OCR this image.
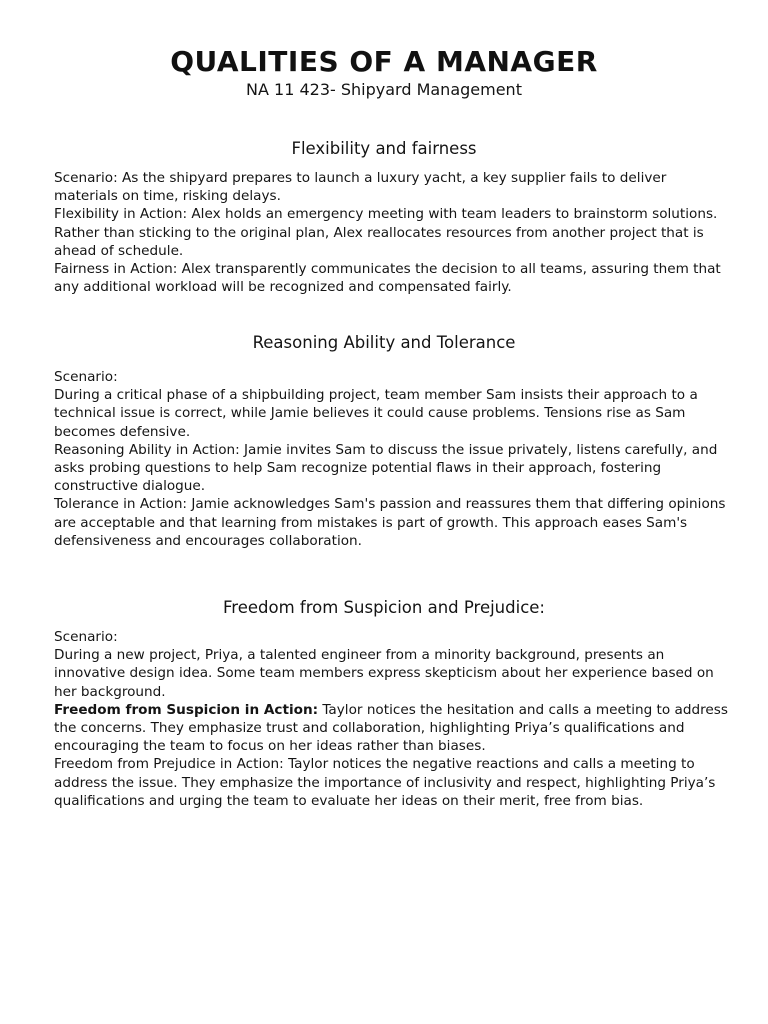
QUALITIES OF A MANAGER
NA 11 423- Shipyard Management
Flexibility and fairness

Scenario: As the shipyard prepares to launch a luxury yacht, a key supplier fails to deliver materials on time, risking delays.

Flexibility in Action: Alex holds an emergency meeting with team leaders to brainstorm solutions. Rather than sticking to the original plan, Alex reallocates resources from another project that is ahead of schedule.

Fairness in Action: Alex transparently communicates the decision to all teams, assuring them that any additional workload will be recognized and compensated fairly.

Reasoning Ability and Tolerance

Scenario:

During a critical phase of a shipbuilding project, team member Sam insists their approach to a technical issue is correct, while Jamie believes it could cause problems. Tensions rise as Sam becomes defensive.

Reasoning Ability in Action: Jamie invites Sam to discuss the issue privately, listens carefully, and asks probing questions to help Sam recognize potential flaws in their approach, fostering constructive dialogue.

Tolerance in Action: Jamie acknowledges Sam's passion and reassures them that differing opinions are acceptable and that learning from mistakes is part of growth. This approach eases Sam's defensiveness and encourages collaboration.

Freedom from Suspicion and Prejudice:

Scenario:

During a new project, Priya, a talented engineer from a minority background, presents an innovative design idea. Some team members express skepticism about her experience based on her background.

Freedom from Suspicion in Action: Taylor notices the hesitation and calls a meeting to address the concerns. They emphasize trust and collaboration, highlighting Priya’s qualifications and encouraging the team to focus on her ideas rather than biases.

Freedom from Prejudice in Action: Taylor notices the negative reactions and calls a meeting to address the issue. They emphasize the importance of inclusivity and respect, highlighting Priya’s qualifications and urging the team to evaluate her ideas on their merit, free from bias.
